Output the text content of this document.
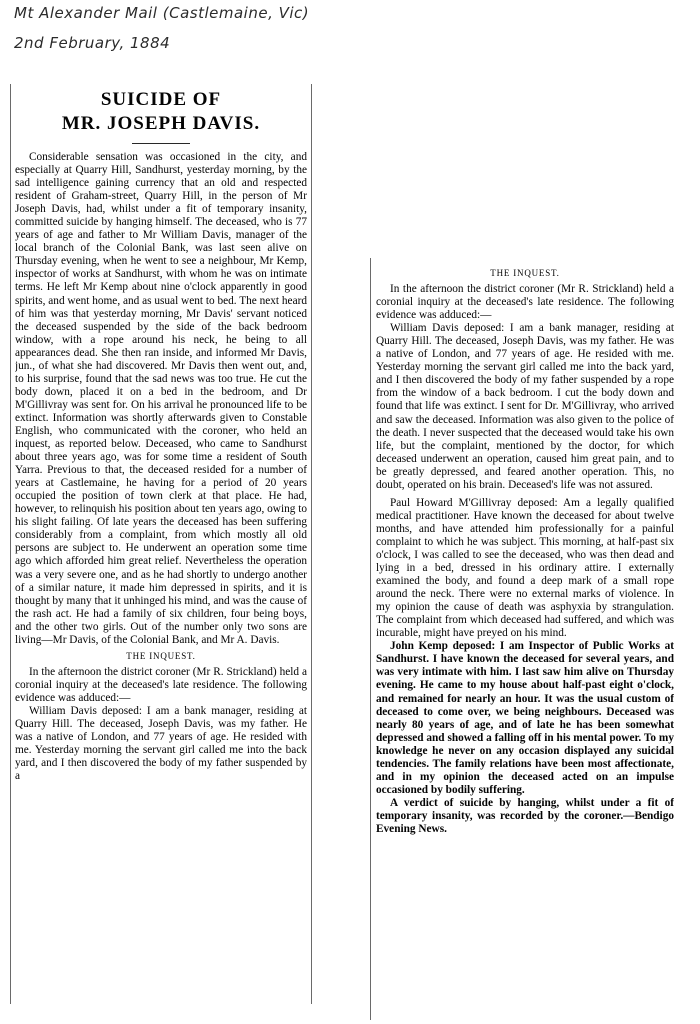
Mt Alexander Mail (Castlemaine, Vic)
2nd February, 1884
SUICIDE OF
MR. JOSEPH DAVIS.

Considerable sensation was occasioned in the city, and especially at Quarry Hill, Sandhurst, yesterday morning, by the sad intelligence gaining currency that an old and respected resident of Graham-street, Quarry Hill, in the person of Mr Joseph Davis, had, whilst under a fit of temporary insanity, committed suicide by hanging himself. The deceased, who is 77 years of age and father to Mr William Davis, manager of the local branch of the Colonial Bank, was last seen alive on Thursday evening, when he went to see a neighbour, Mr Kemp, inspector of works at Sandhurst, with whom he was on intimate terms. He left Mr Kemp about nine o'clock apparently in good spirits, and went home, and as usual went to bed. The next heard of him was that yesterday morning, Mr Davis' servant noticed the deceased suspended by the side of the back bedroom window, with a rope around his neck, he being to all appearances dead. She then ran inside, and informed Mr Davis, jun., of what she had discovered. Mr Davis then went out, and, to his surprise, found that the sad news was too true. He cut the body down, placed it on a bed in the bedroom, and Dr M'Gillivray was sent for. On his arrival he pronounced life to be extinct. Information was shortly afterwards given to Constable English, who communicated with the coroner, who held an inquest, as reported below. Deceased, who came to Sandhurst about three years ago, was for some time a resident of South Yarra. Previous to that, the deceased resided for a number of years at Castlemaine, he having for a period of 20 years occupied the position of town clerk at that place. He had, however, to relinquish his position about ten years ago, owing to his slight failing. Of late years the deceased has been suffering considerably from a complaint, from which mostly all old persons are subject to. He underwent an operation some time ago which afforded him great relief. Nevertheless the operation was a very severe one, and as he had shortly to undergo another of a similar nature, it made him depressed in spirits, and it is thought by many that it unhinged his mind, and was the cause of the rash act. He had a family of six children, four being boys, and the other two girls. Out of the number only two sons are living—Mr Davis, of the Colonial Bank, and Mr A. Davis.

THE INQUEST.

In the afternoon the district coroner (Mr R. Strickland) held a coronial inquiry at the deceased's late residence. The following evidence was adduced:—

William Davis deposed: I am a bank manager, residing at Quarry Hill. The deceased, Joseph Davis, was my father. He was a native of London, and 77 years of age. He resided with me. Yesterday morning the servant girl called me into the back yard, and I then discovered the body of my father suspended by a

THE INQUEST.

In the afternoon the district coroner (Mr R. Strickland) held a coronial inquiry at the deceased's late residence. The following evidence was adduced:—

William Davis deposed: I am a bank manager, residing at Quarry Hill. The deceased, Joseph Davis, was my father. He was a native of London, and 77 years of age. He resided with me. Yesterday morning the servant girl called me into the back yard, and I then discovered the body of my father suspended by a rope from the window of a back bedroom. I cut the body down and found that life was extinct. I sent for Dr. M'Gillivray, who arrived and saw the deceased. Information was also given to the police of the death. I never suspected that the deceased would take his own life, but the complaint, mentioned by the doctor, for which deceased underwent an operation, caused him great pain, and to be greatly depressed, and feared another operation. This, no doubt, operated on his brain. Deceased's life was not assured.

Paul Howard M'Gillivray deposed: Am a legally qualified medical practitioner. Have known the deceased for about twelve months, and have attended him professionally for a painful complaint to which he was subject. This morning, at half-past six o'clock, I was called to see the deceased, who was then dead and lying in a bed, dressed in his ordinary attire. I externally examined the body, and found a deep mark of a small rope around the neck. There were no external marks of violence. In my opinion the cause of death was asphyxia by strangulation. The complaint from which deceased had suffered, and which was incurable, might have preyed on his mind.

John Kemp deposed: I am Inspector of Public Works at Sandhurst. I have known the deceased for several years, and was very intimate with him. I last saw him alive on Thursday evening. He came to my house about half-past eight o'clock, and remained for nearly an hour. It was the usual custom of deceased to come over, we being neighbours. Deceased was nearly 80 years of age, and of late he has been somewhat depressed and showed a falling off in his mental power. To my knowledge he never on any occasion displayed any suicidal tendencies. The family relations have been most affectionate, and in my opinion the deceased acted on an impulse occasioned by bodily suffering.

A verdict of suicide by hanging, whilst under a fit of temporary insanity, was recorded by the coroner.—Bendigo Evening News.
